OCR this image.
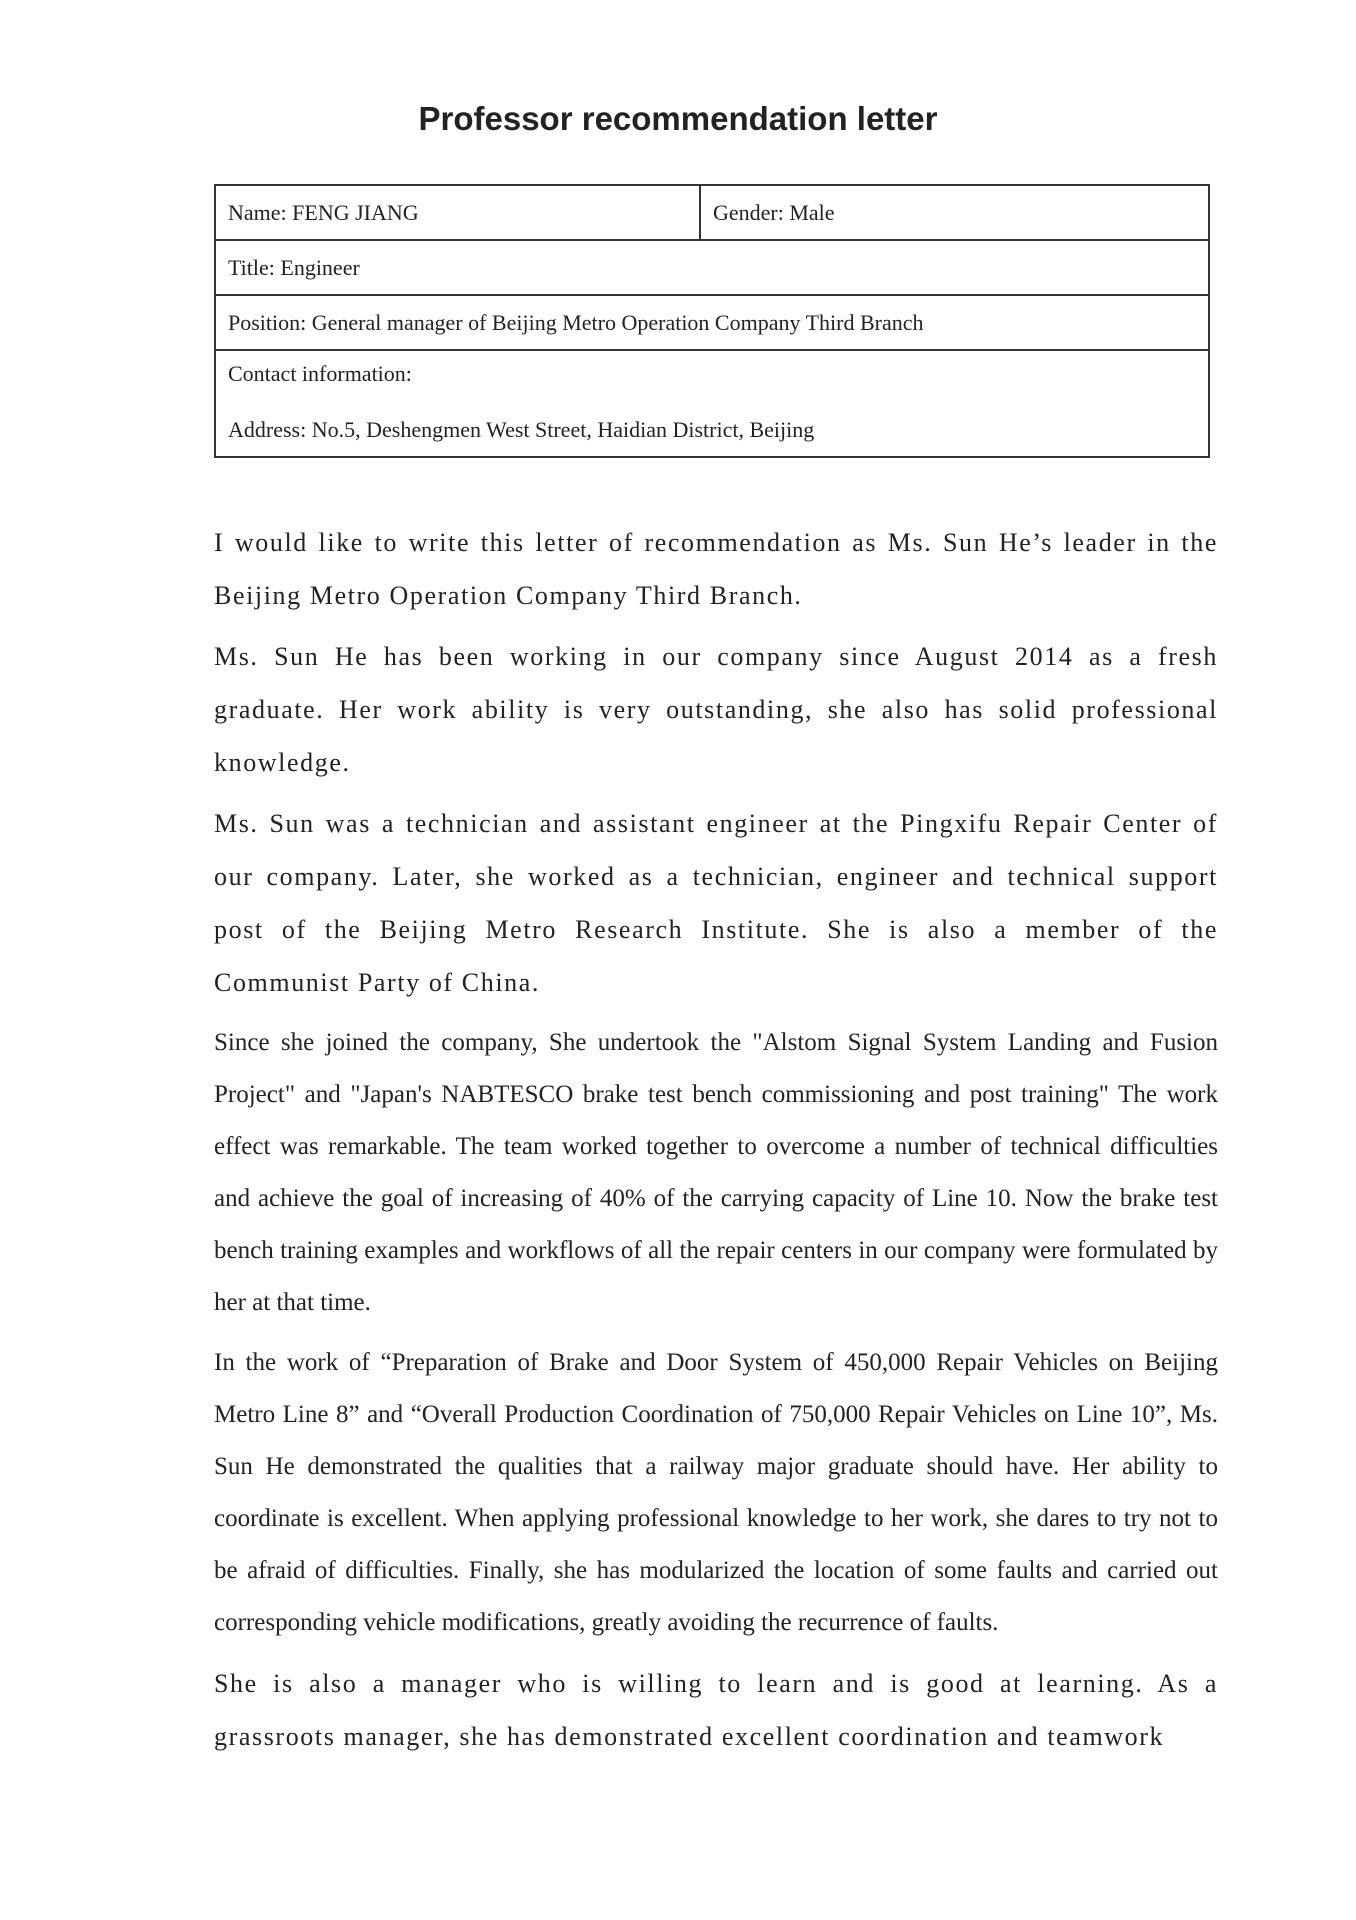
Professor recommendation letter
Name: FENG JIANG	Gender: Male
Title: Engineer
Position: General manager of Beijing Metro Operation Company Third Branch
Contact information:
Address: No.5, Deshengmen West Street, Haidian District, Beijing

I would like to write this letter of recommendation as Ms. Sun He’s leader in the Beijing Metro Operation Company Third Branch.

Ms. Sun He has been working in our company since August 2014 as a fresh graduate. Her work ability is very outstanding, she also has solid professional knowledge.

Ms. Sun was a technician and assistant engineer at the Pingxifu Repair Center of our company. Later, she worked as a technician, engineer and technical support post of the Beijing Metro Research Institute. She is also a member of the Communist Party of China.

Since she joined the company, She undertook the "Alstom Signal System Landing and Fusion Project" and "Japan's NABTESCO brake test bench commissioning and post training" The work effect was remarkable. The team worked together to overcome a number of technical difficulties and achieve the goal of increasing of 40% of the carrying capacity of Line 10. Now the brake test bench training examples and workflows of all the repair centers in our company were formulated by her at that time.

In the work of “Preparation of Brake and Door System of 450,000 Repair Vehicles on Beijing Metro Line 8” and “Overall Production Coordination of 750,000 Repair Vehicles on Line 10”, Ms. Sun He demonstrated the qualities that a railway major graduate should have. Her ability to coordinate is excellent. When applying professional knowledge to her work, she dares to try not to be afraid of difficulties. Finally, she has modularized the location of some faults and carried out corresponding vehicle modifications, greatly avoiding the recurrence of faults.

She is also a manager who is willing to learn and is good at learning. As a grassroots manager, she has demonstrated excellent coordination and teamwork
